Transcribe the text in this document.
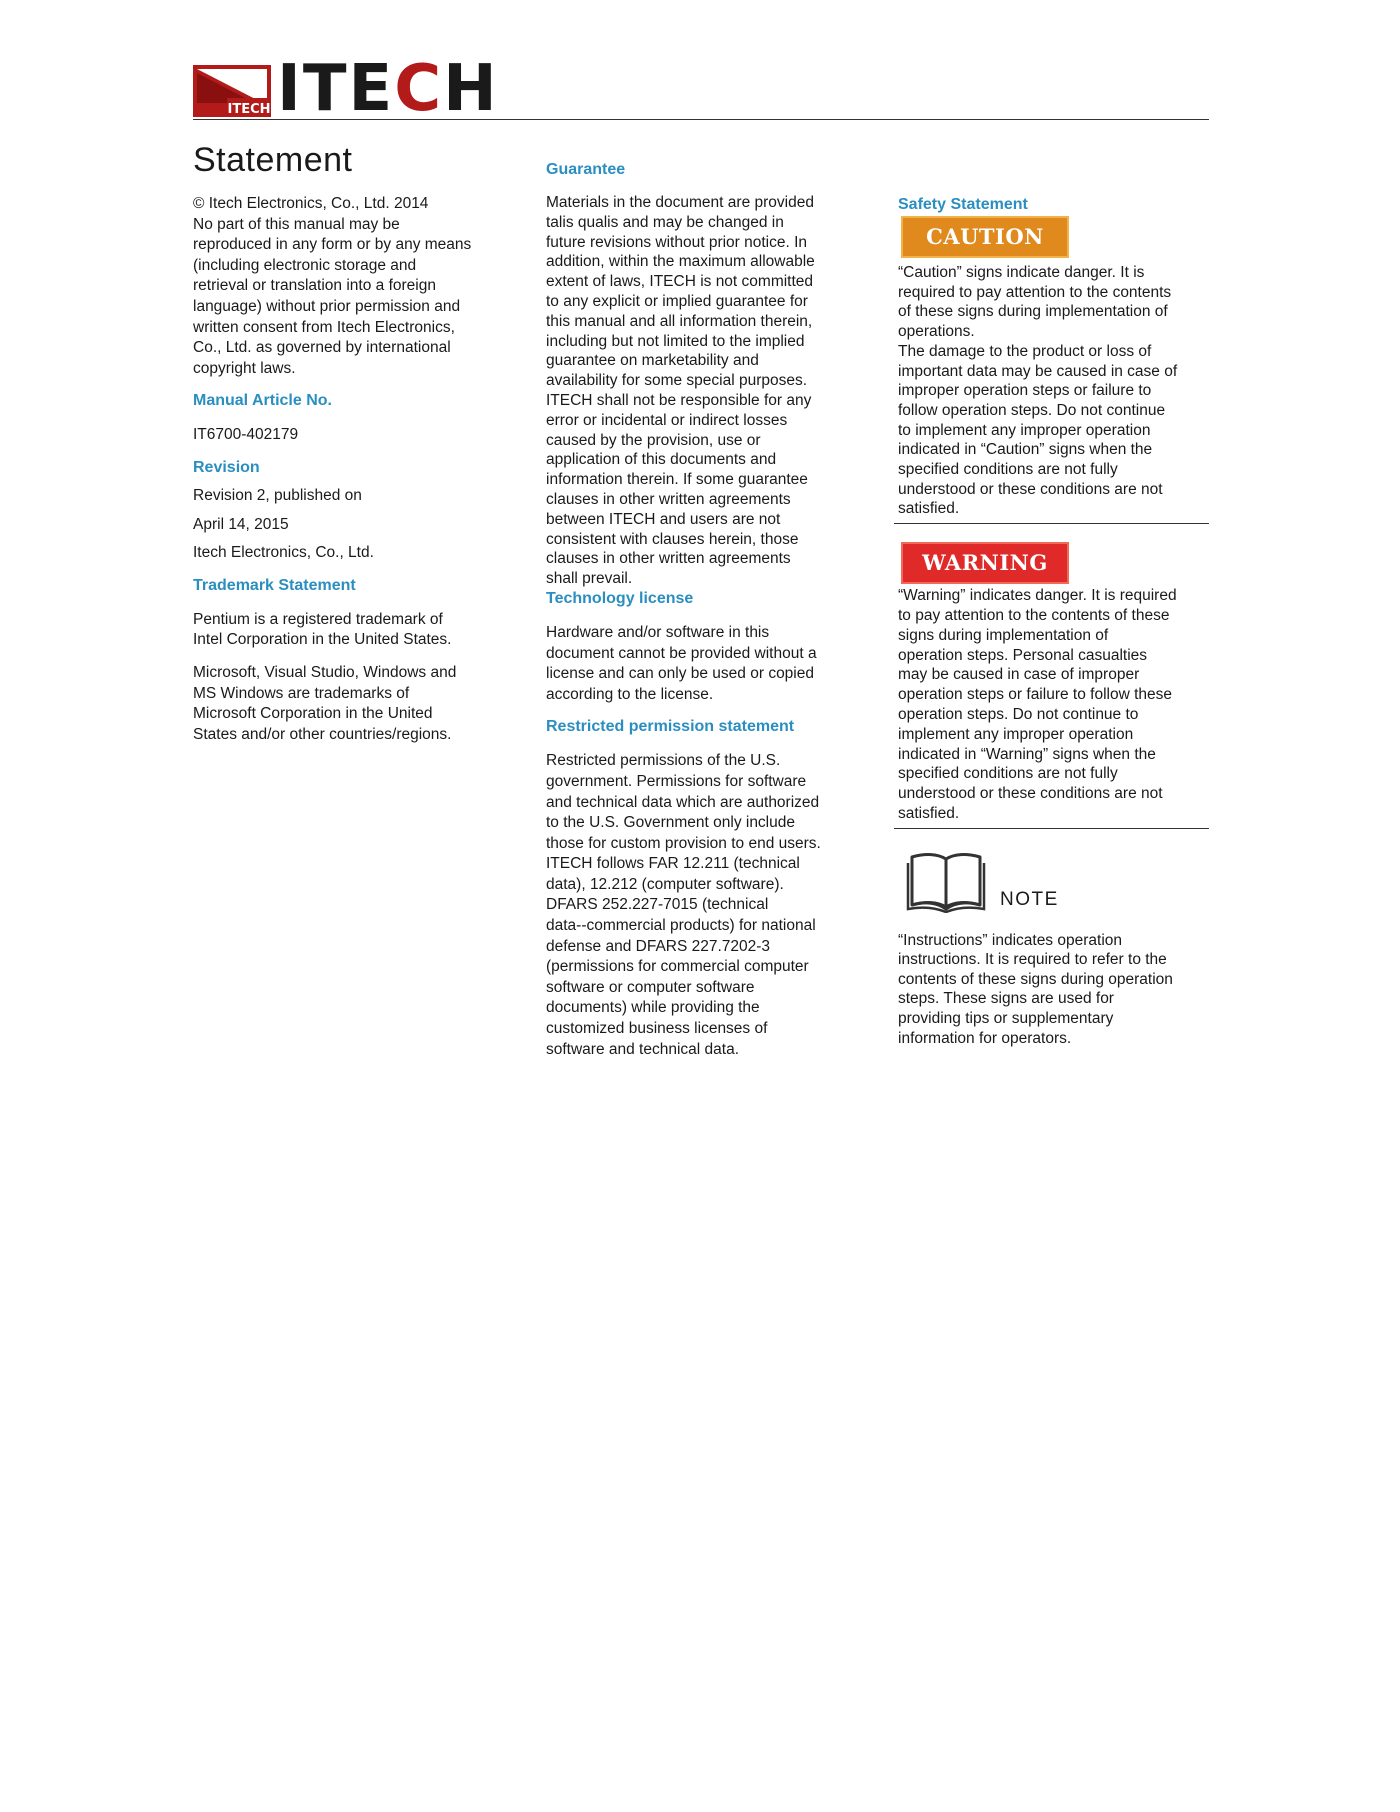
ITECH ITECH
Statement
© Itech Electronics, Co., Ltd. 2014
No part of this manual may be
reproduced in any form or by any means
(including electronic storage and
retrieval or translation into a foreign
language) without prior permission and
written consent from Itech Electronics,
Co., Ltd. as governed by international
copyright laws.
Manual Article No.

IT6700-402179

Revision

Revision 2, published on

April 14, 2015

Itech Electronics, Co., Ltd.

Trademark Statement
Pentium is a registered trademark of
Intel Corporation in the United States.
Microsoft, Visual Studio, Windows and
MS Windows are trademarks of
Microsoft Corporation in the United
States and/or other countries/regions.
Guarantee
Materials in the document are provided
talis qualis and may be changed in
future revisions without prior notice. In
addition, within the maximum allowable
extent of laws, ITECH is not committed
to any explicit or implied guarantee for
this manual and all information therein,
including but not limited to the implied
guarantee on marketability and
availability for some special purposes.
ITECH shall not be responsible for any
error or incidental or indirect losses
caused by the provision, use or
application of this documents and
information therein. If some guarantee
clauses in other written agreements
between ITECH and users are not
consistent with clauses herein, those
clauses in other written agreements
shall prevail.
Technology license
Hardware and/or software in this
document cannot be provided without a
license and can only be used or copied
according to the license.
Restricted permission statement
Restricted permissions of the U.S.
government. Permissions for software
and technical data which are authorized
to the U.S. Government only include
those for custom provision to end users.
ITECH follows FAR 12.211 (technical
data), 12.212 (computer software).
DFARS 252.227-7015 (technical
data--commercial products) for national
defense and DFARS 227.7202-3
(permissions for commercial computer
software or computer software
documents) while providing the
customized business licenses of
software and technical data.
Safety Statement
CAUTION
“Caution” signs indicate danger. It is
required to pay attention to the contents
of these signs during implementation of
operations.
The damage to the product or loss of
important data may be caused in case of
improper operation steps or failure to
follow operation steps. Do not continue
to implement any improper operation
indicated in “Caution” signs when the
specified conditions are not fully
understood or these conditions are not
satisfied.
WARNING
“Warning” indicates danger. It is required
to pay attention to the contents of these
signs during implementation of
operation steps. Personal casualties
may be caused in case of improper
operation steps or failure to follow these
operation steps. Do not continue to
implement any improper operation
indicated in “Warning” signs when the
specified conditions are not fully
understood or these conditions are not
satisfied.
NOTE
“Instructions” indicates operation
instructions. It is required to refer to the
contents of these signs during operation
steps. These signs are used for
providing tips or supplementary
information for operators.
